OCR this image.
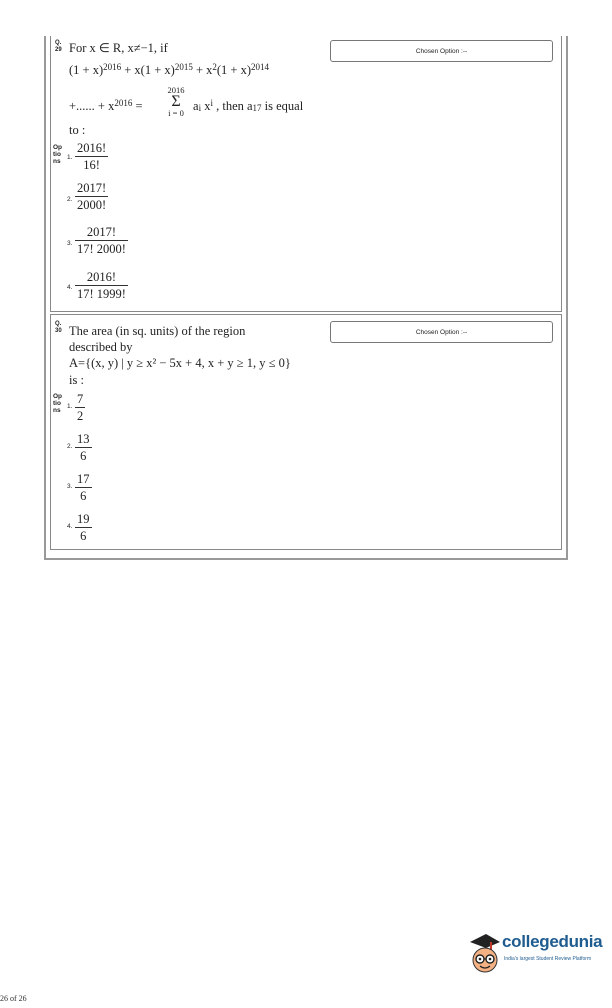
Q. 29 For x ∈ R, x≠−1, if
$(1 + x)^{2016} + x(1 + x)^{2015} + x^2(1 + x)^{2014}$
+...... + $x^{2016}$ =
2016
Σ
i = 0 $a_i$ $x^i$ , then $a_{17}$ is equal
to :
Chosen Option :--
Op tio ns
1. $\frac{2016!}{16!}$
2. $\frac{2017!}{2000!}$
3. $\frac{2017!}{17! 2000!}$
4. $\frac{2016!}{17! 1999!}$
Q. 30 The area (in sq. units) of the region
described by
A={(x, y) | y ≥ x² − 5x + 4, x + y ≥ 1, y ≤ 0}
is :
Chosen Option :--
Op tio ns
1. $\frac{7}{2}$
2. $\frac{13}{6}$
3. $\frac{17}{6}$
4. $\frac{19}{6}$
26 of 26
collegedunia
India's largest Student Review Platform
